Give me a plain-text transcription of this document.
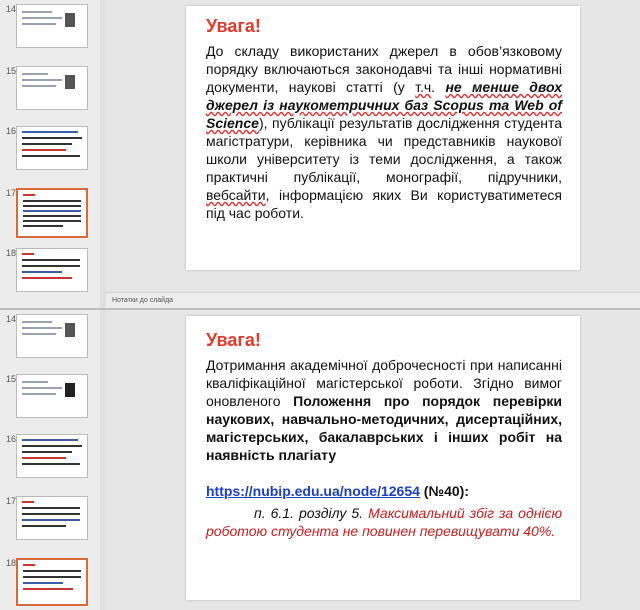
14
15
16
17
18
Увага!
До складу використаних джерел в обов’язковому порядку включаються законодавчі та інші нормативні документи, наукові статті (у т.ч. не менше двох джерел із наукометричних баз Scopus та Web of Science), публікації результатів дослідження студента магістратури, керівника чи представників наукової школи університету із теми дослідження, а також практичні публікації, монографії, підручники, вебсайти, інформацією яких Ви користуватиметеся під час роботи.
Нотатки до слайда
14
15
16
17
18
Увага!
Дотримання академічної доброчесності при написанні кваліфікаційної магістерської роботи. Згідно вимог оновленого Положення про порядок перевірки наукових, навчально-методичних, дисертаційних, магістерських, бакалаврських і інших робіт на наявність плагіату
https://nubip.edu.ua/node/12654 (№40):
п. 6.1. розділу 5. Максимальний збіг за однією роботою студента не повинен перевищувати 40%.
